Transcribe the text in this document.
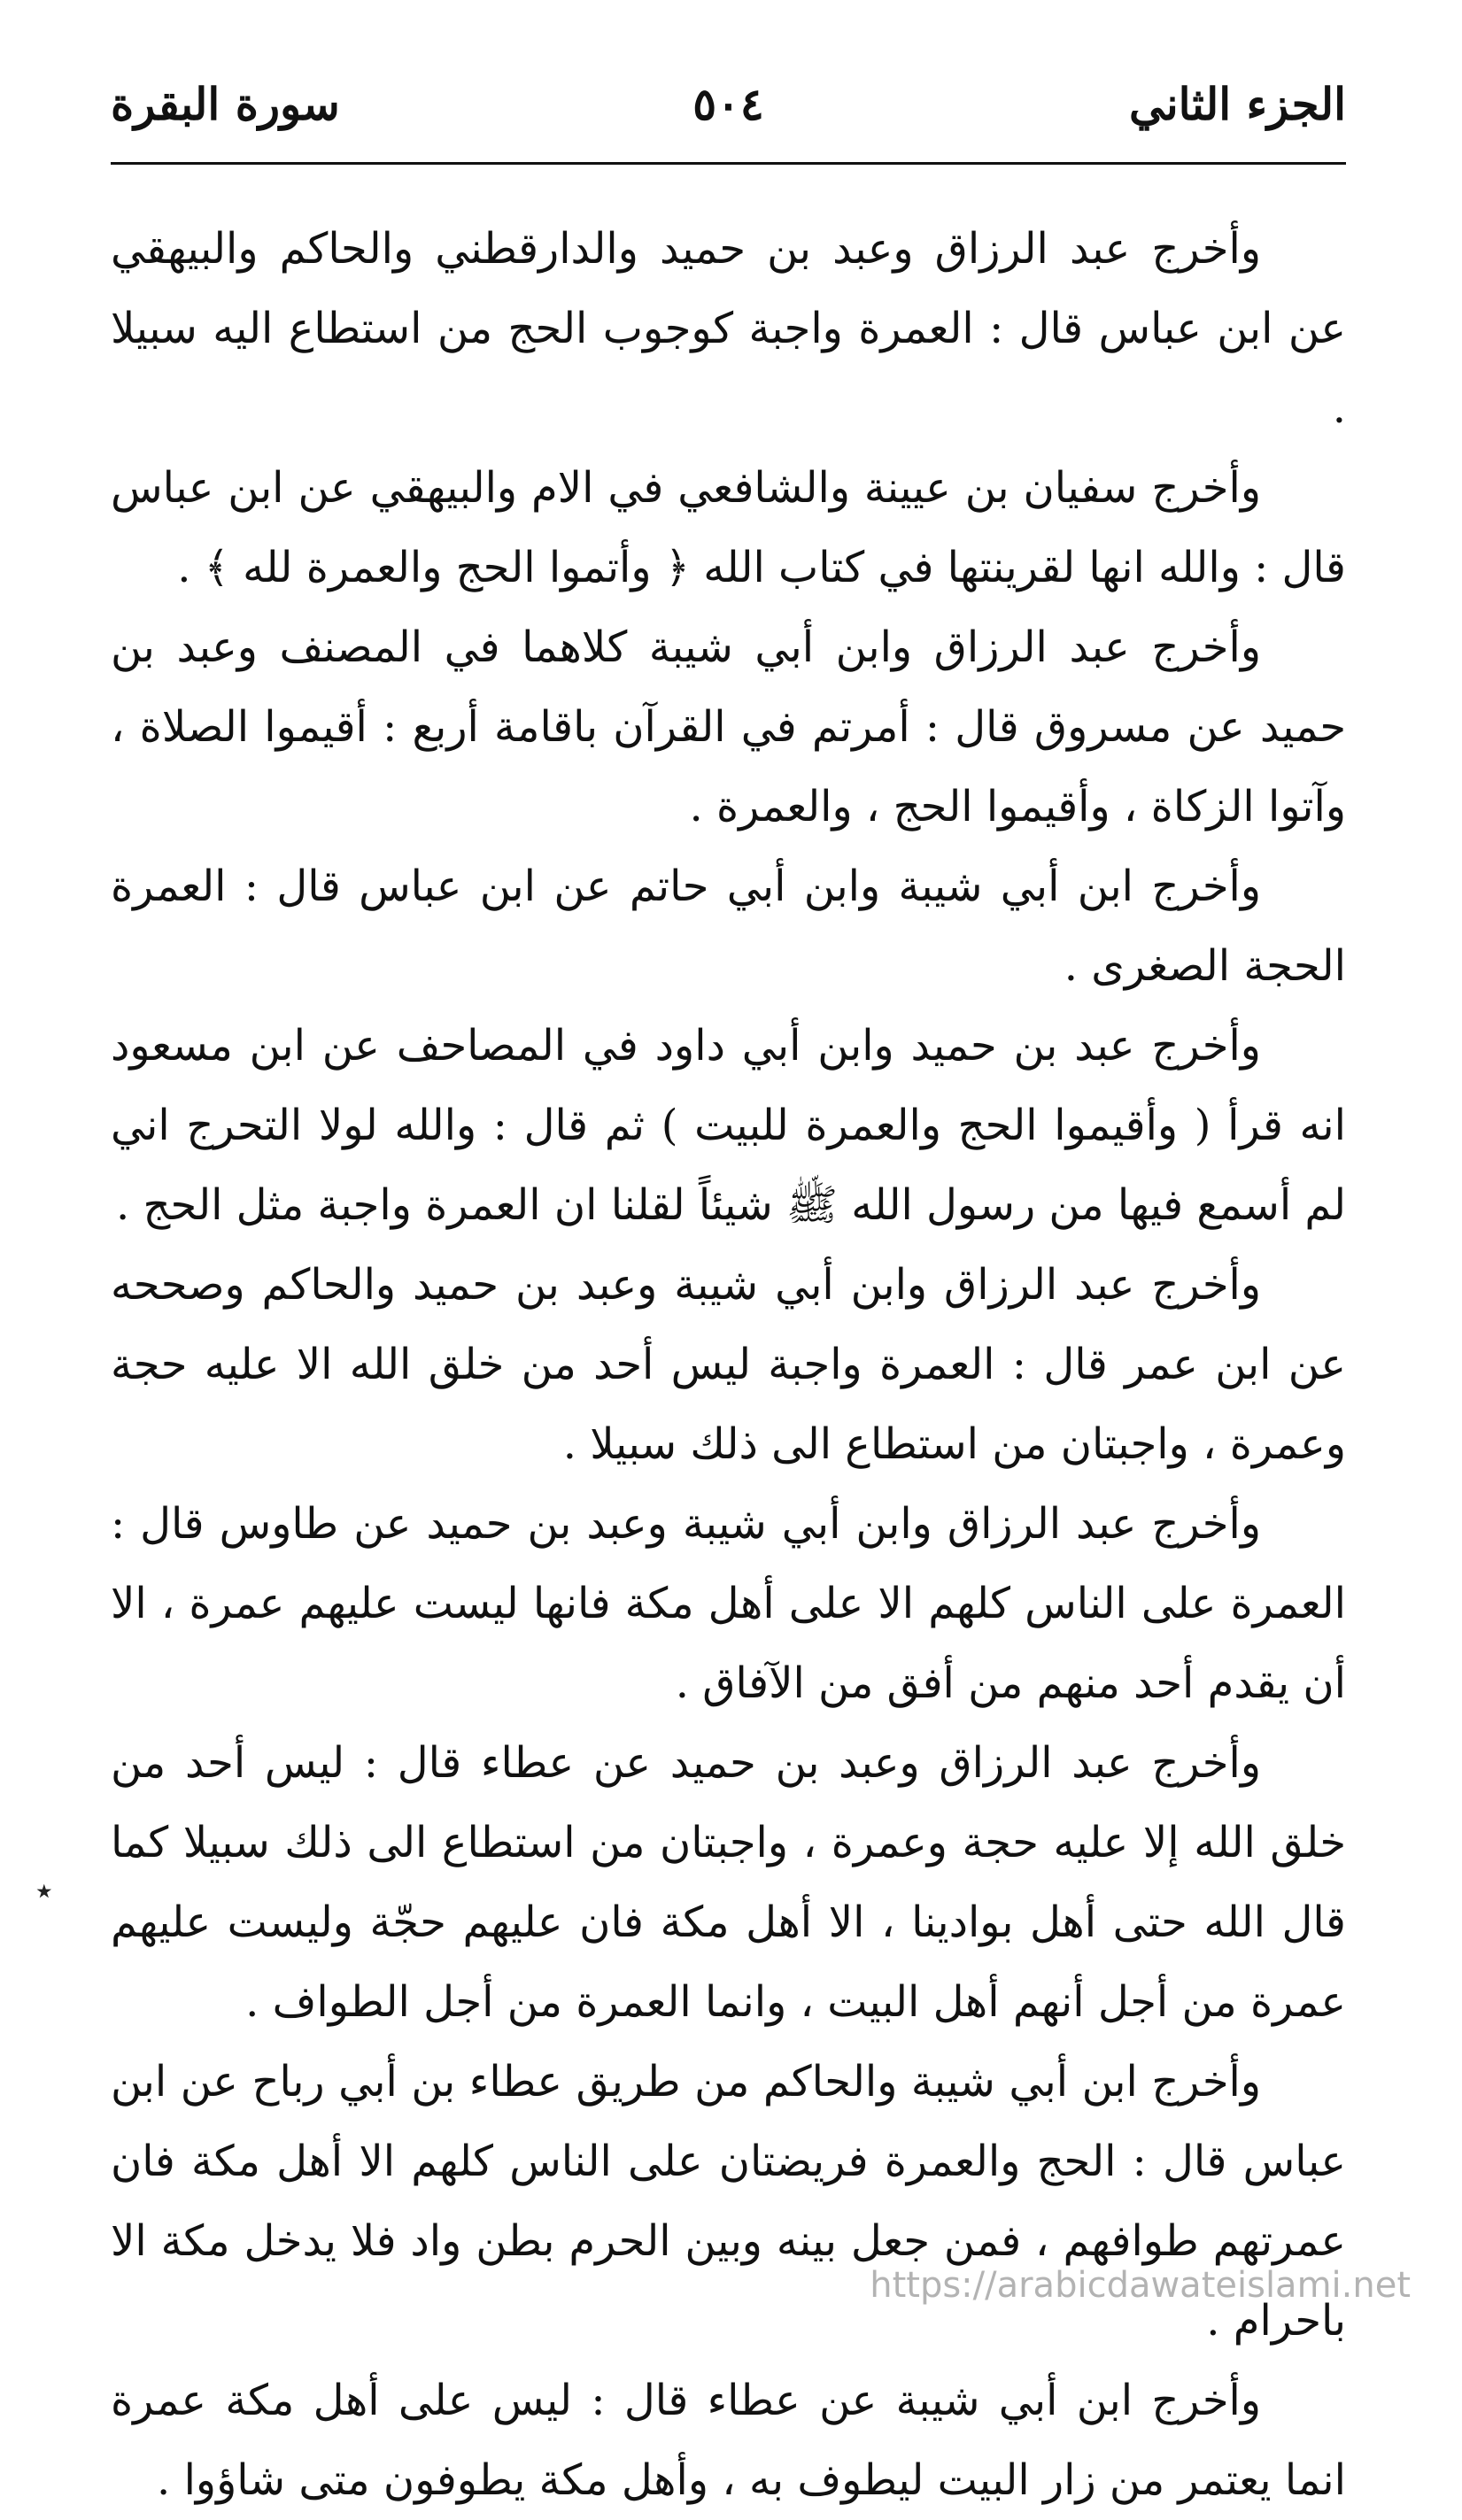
الجزء الثاني
٥٠٤
سورة البقرة

وأخرج عبد الرزاق وعبد بن حميد والدارقطني والحاكم والبيهقي عن ابن عباس قال : العمرة واجبة كوجوب الحج من استطاع اليه سبيلا .

وأخرج سفيان بن عيينة والشافعي في الام والبيهقي عن ابن عباس قال : والله انها لقرينتها في كتاب الله ﴿ وأتموا الحج والعمرة لله ﴾ .

وأخرج عبد الرزاق وابن أبي شيبة كلاهما في المصنف وعبد بن حميد عن مسروق قال : أمرتم في القرآن باقامة أربع : أقيموا الصلاة ، وآتوا الزكاة ، وأقيموا الحج ، والعمرة .

وأخرج ابن أبي شيبة وابن أبي حاتم عن ابن عباس قال : العمرة الحجة الصغرى .

وأخرج عبد بن حميد وابن أبي داود في المصاحف عن ابن مسعود انه قرأ ( وأقيموا الحج والعمرة للبيت ) ثم قال : والله لولا التحرج اني لم أسمع فيها من رسول الله ﷺ شيئاً لقلنا ان العمرة واجبة مثل الحج .

وأخرج عبد الرزاق وابن أبي شيبة وعبد بن حميد والحاكم وصححه عن ابن عمر قال : العمرة واجبة ليس أحد من خلق الله الا عليه حجة وعمرة ، واجبتان من استطاع الى ذلك سبيلا .

وأخرج عبد الرزاق وابن أبي شيبة وعبد بن حميد عن طاوس قال : العمرة على الناس كلهم الا على أهل مكة فانها ليست عليهم عمرة ، الا أن يقدم أحد منهم من أفق من الآفاق .

وأخرج عبد الرزاق وعبد بن حميد عن عطاء قال : ليس أحد من خلق الله إلا عليه حجة وعمرة ، واجبتان من استطاع الى ذلك سبيلا كما قال الله حتى أهل بوادينا ، الا أهل مكة فان عليهم حجّة وليست عليهم عمرة من أجل أنهم أهل البيت ، وانما العمرة من أجل الطواف .

وأخرج ابن أبي شيبة والحاكم من طريق عطاء بن أبي رباح عن ابن عباس قال : الحج والعمرة فريضتان على الناس كلهم الا أهل مكة فان عمرتهم طوافهم ، فمن جعل بينه وبين الحرم بطن واد فلا يدخل مكة الا باحرام .

وأخرج ابن أبي شيبة عن عطاء قال : ليس على أهل مكة عمرة انما يعتمر من زار البيت ليطوف به ، وأهل مكة يطوفون متى شاؤوا .

٭
https://arabicdawateislami.net
